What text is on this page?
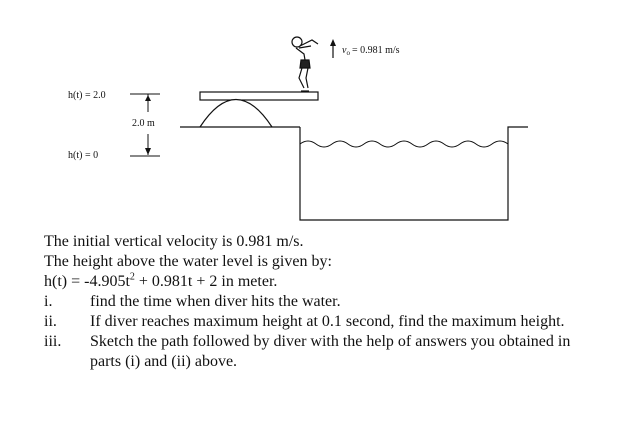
$v_o = 0.981$ m/s
h(t) = 2.0
2.0 m
h(t) = 0
The initial vertical velocity is 0.981 m/s.
The height above the water level is given by:
$h(t) = -4.905t^2 + 0.981t + 2$ in meter.
i.	find the time when diver hits the water.
ii.	If diver reaches maximum height at 0.1 second, find the maximum height.
iii.	Sketch the path followed by diver with the help of answers you obtained in parts (i) and (ii) above.
